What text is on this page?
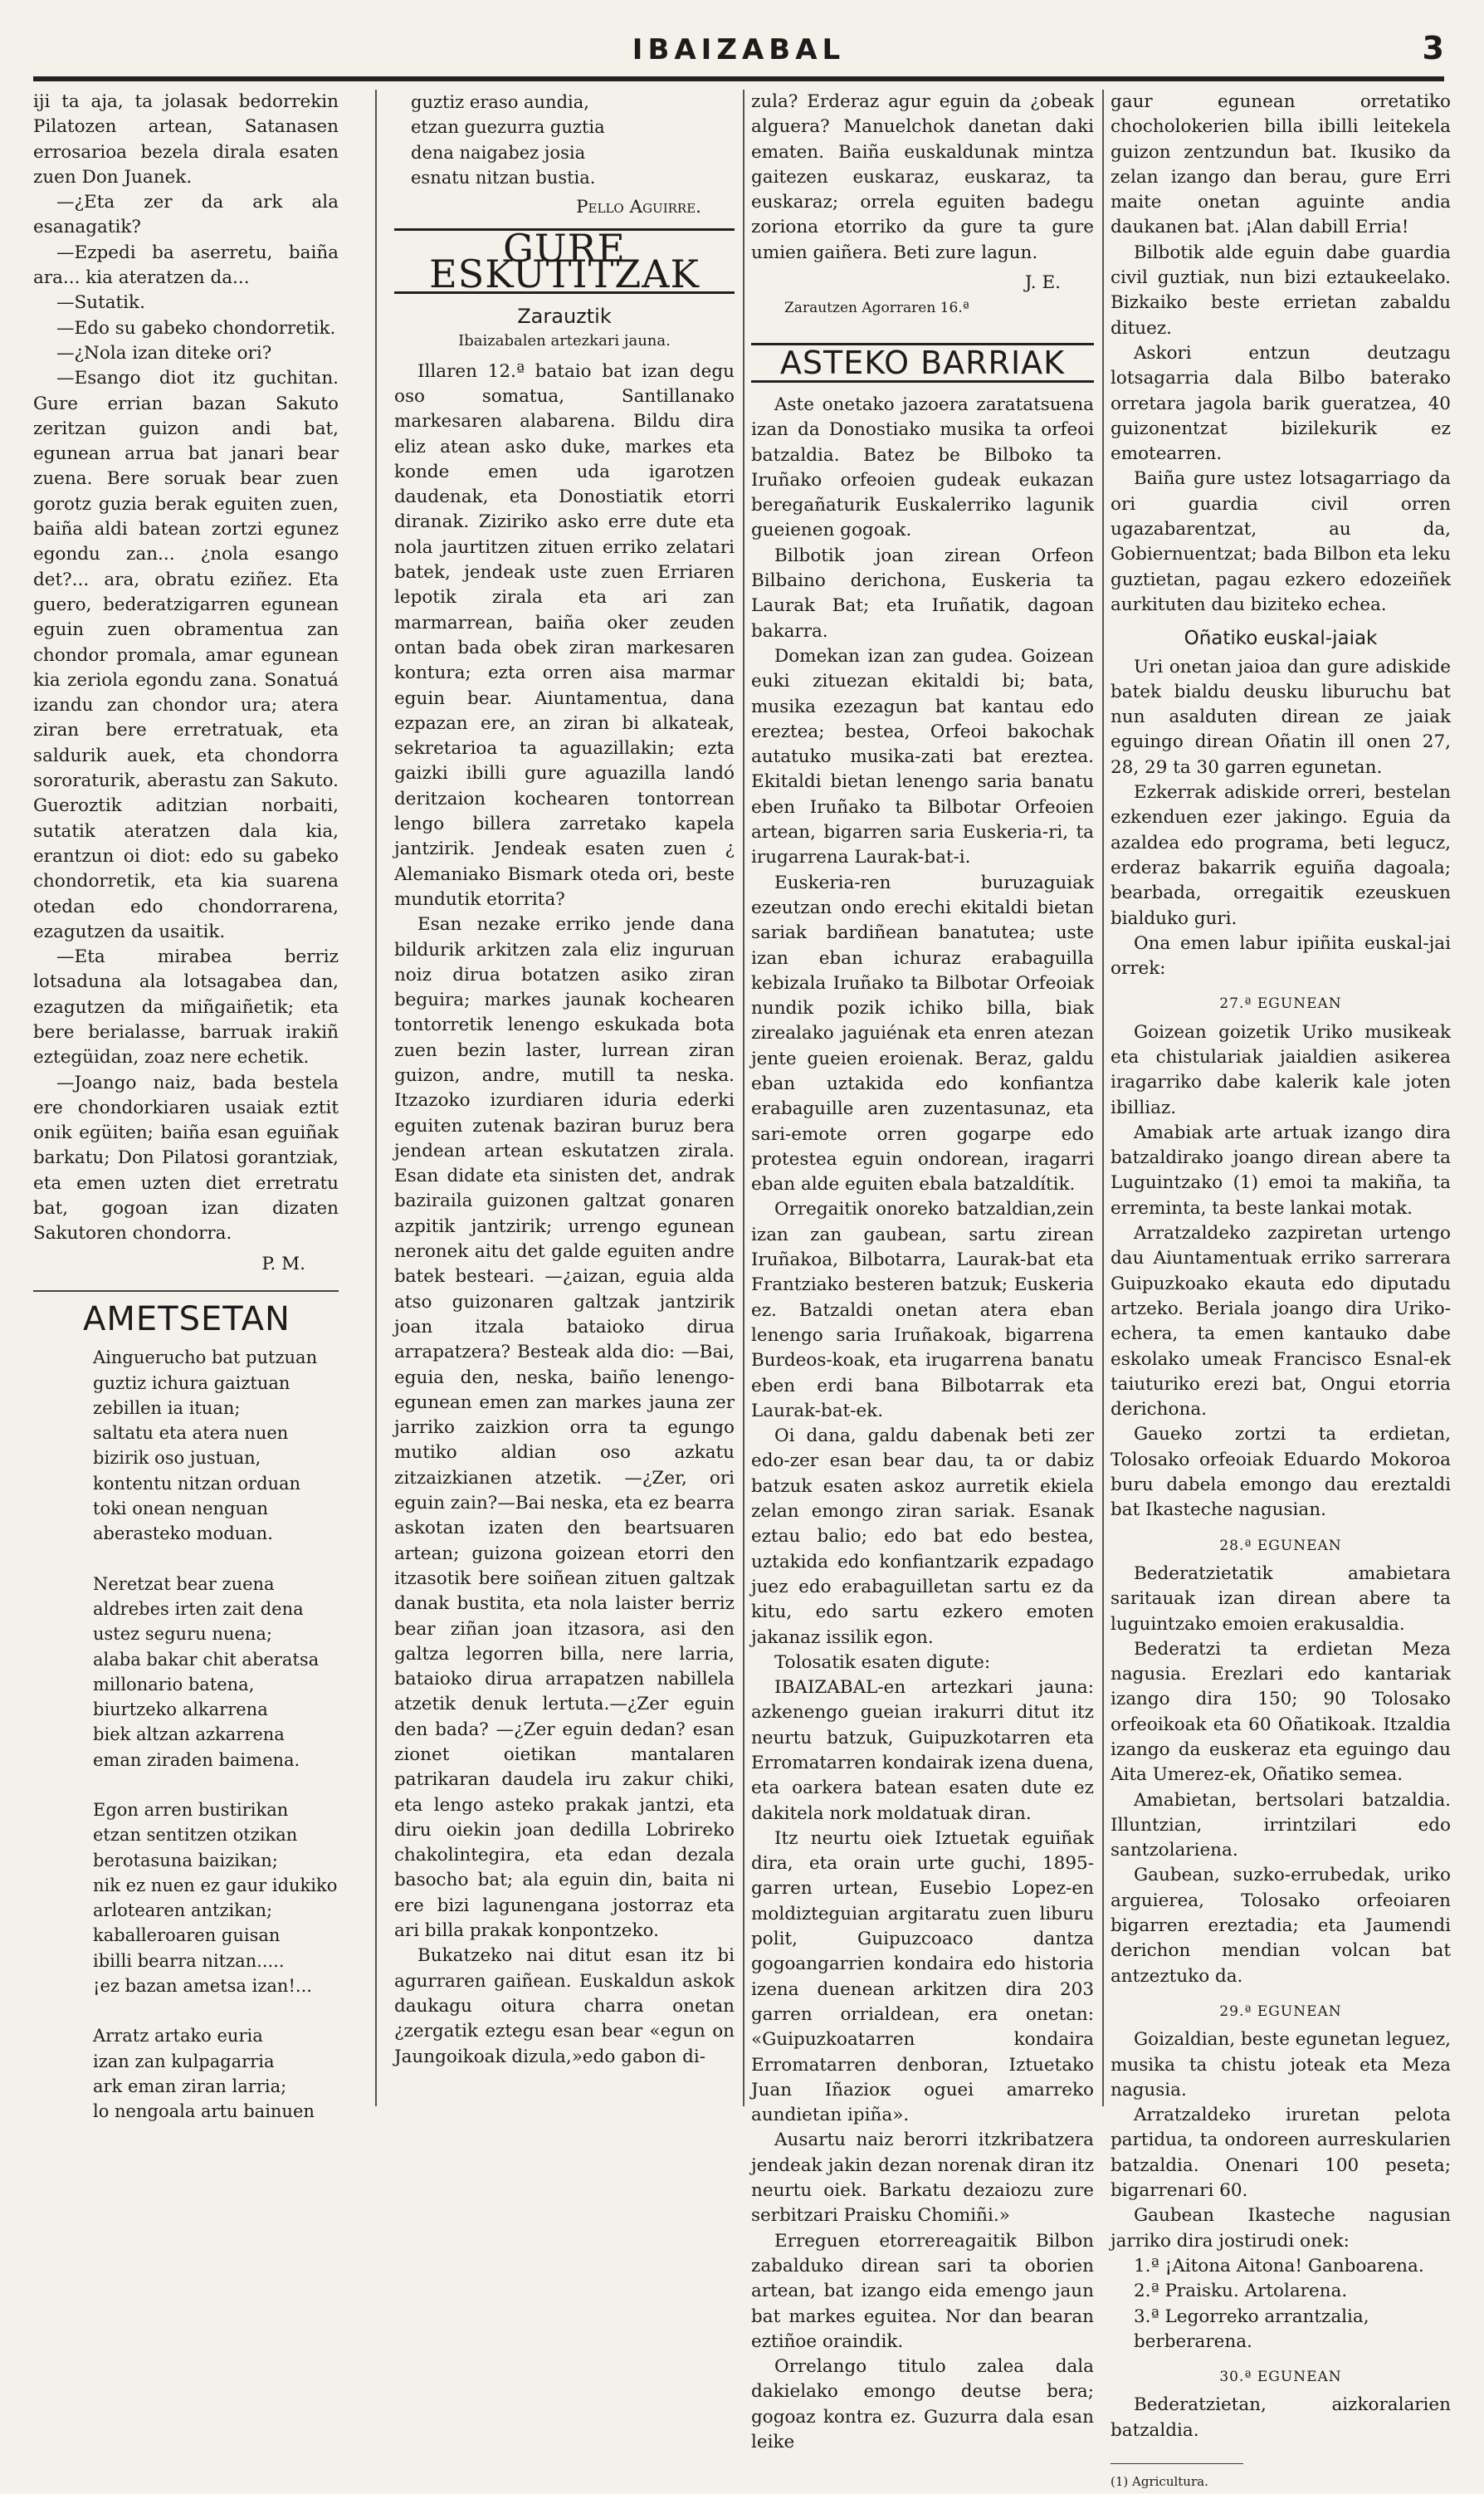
IBAIZABAL	3

iji ta aja, ta jolasak bedorrekin Pilatozen artean, Satanasen errosarioa bezela dirala esaten zuen Don Juanek.

—¿Eta zer da ark ala esanagatik?

—Ezpedi ba aserretu, baiña ara... kia ateratzen da...

—Sutatik.

—Edo su gabeko chondorretik.

—¿Nola izan diteke ori?

—Esango diot itz guchitan. Gure errian bazan Sakuto zeritzan guizon andi bat, egunean arrua bat janari bear zuena. Bere soruak bear zuen gorotz guzia berak eguiten zuen, baiña aldi batean zortzi egunez egondu zan... ¿nola esango det?... ara, obratu eziñez. Eta guero, bederatzigarren egunean eguin zuen obramentua zan chondor promala, amar egunean kia zeriola egondu zana. Sonatuá izandu zan chondor ura; atera ziran bere erretratuak, eta saldurik auek, eta chondorra sororaturik, aberastu zan Sakuto. Gueroztik aditzian norbaiti, sutatik ateratzen dala kia, erantzun oi diot: edo su gabeko chondorretik, eta kia suarena otedan edo chondorrarena, ezagutzen da usaitik.

—Eta mirabea berriz lotsaduna ala lotsagabea dan, ezagutzen da miñgaiñetik; eta bere berialasse, barruak irakiñ eztegüidan, zoaz nere echetik.

—Joango naiz, bada bestela ere chondorkiaren usaiak eztit onik egüiten; baiña esan eguiñak barkatu; Don Pilatosi gorantziak, eta emen uzten diet erretratu bat, gogoan izan dizaten Sakutoren chondorra.

P. M.
AMETSETAN
Ainguerucho bat putzuan
guztiz ichura gaiztuan
zebillen ia ituan;
saltatu eta atera nuen
bizirik oso justuan,
kontentu nitzan orduan
toki onean nenguan
aberasteko moduan.
Neretzat bear zuena
aldrebes irten zait dena
ustez seguru nuena;
alaba bakar chit aberatsa
millonario batena,
biurtzeko alkarrena
biek altzan azkarrena
eman ziraden baimena.
Egon arren bustirikan
etzan sentitzen otzikan
berotasuna baizikan;
nik ez nuen ez gaur idukiko
arlotearen antzikan;
kaballeroaren guisan
ibilli bearra nitzan.....
¡ez bazan ametsa izan!...
Arratz artako euria
izan zan kulpagarria
ark eman ziran larria;
lo nengoala artu bainuen
guztiz eraso aundia,
etzan guezurra guztia
dena naigabez josia
esnatu nitzan bustia.
Pello Aguirre.
GURE ESKUTITZAK
Zarauztik
Ibaizabalen artezkari jauna.

Illaren 12.ª bataio bat izan degu oso somatua, Santillanako markesaren alabarena. Bildu dira eliz atean asko duke, markes eta konde emen uda igarotzen daudenak, eta Donostiatik etorri diranak. Ziziriko asko erre dute eta nola jaurtitzen zituen erriko zelatari batek, jendeak uste zuen Erriaren lepotik zirala eta ari zan marmarrean, baiña oker zeuden ontan bada obek ziran markesaren kontura; ezta orren aisa marmar eguin bear. Aiuntamentua, dana ezpazan ere, an ziran bi alkateak, sekretarioa ta aguazillakin; ezta gaizki ibilli gure aguazilla landó deritzaion kochearen tontorrean lengo billera zarretako kapela jantzirik. Jendeak esaten zuen ¿ Alemaniako Bismark oteda ori, beste mundutik etorrita?

Esan nezake erriko jende dana bildurik arkitzen zala eliz inguruan noiz dirua botatzen asiko ziran beguira; markes jaunak kochearen tontorretik lenengo eskukada bota zuen bezin laster, lurrean ziran guizon, andre, mutill ta neska. Itzazoko izurdiaren iduria ederki eguiten zutenak baziran buruz bera jendean artean eskutatzen zirala. Esan didate eta sinisten det, andrak baziraila guizonen galtzat gonaren azpitik jantzirik; urrengo egunean neronek aitu det galde eguiten andre batek besteari. —¿aizan, eguia alda atso guizonaren galtzak jantzirik joan itzala bataioko dirua arrapatzera? Besteak alda dio: —Bai, eguia den, neska, baiño lenengo-egunean emen zan markes jauna zer jarriko zaizkion orra ta egungo mutiko aldian oso azkatu zitzaizkianen atzetik. —¿Zer, ori eguin zain?—Bai neska, eta ez bearra askotan izaten den beartsuaren artean; guizona goizean etorri den itzasotik bere soiñean zituen galtzak danak bustita, eta nola laister berriz bear ziñan joan itzasora, asi den galtza legorren billa, nere larria, bataioko dirua arrapatzen nabillela atzetik denuk lertuta.—¿Zer eguin den bada? —¿Zer eguin dedan? esan zionet oietikan mantalaren patrikaran daudela iru zakur chiki, eta lengo asteko prakak jantzi, eta diru oiekin joan dedilla Lobrireko chakolintegira, eta edan dezala basocho bat; ala eguin din, baita ni ere bizi lagunengana jostorraz eta ari billa prakak konpontzeko.

Bukatzeko nai ditut esan itz bi agurraren gaiñean. Euskaldun askok daukagu oitura charra onetan ¿zergatik eztegu esan bear «egun on Jaungoikoak dizula,»edo gabon di-

zula? Erderaz agur eguin da ¿obeak alguera? Manuelchok danetan daki ematen. Baiña euskaldunak mintza gaitezen euskaraz, euskaraz, ta euskaraz; orrela eguiten badegu zoriona etorriko da gure ta gure umien gaiñera. Beti zure lagun.

J. E.
Zarautzen Agorraren 16.ª
ASTEKO BARRIAK

Aste onetako jazoera zaratatsuena izan da Donostiako musika ta orfeoi batzaldia. Batez be Bilboko ta Iruñako orfeoien gudeak eukazan beregañaturik Euskalerriko lagunik gueienen gogoak.

Bilbotik joan zirean Orfeon Bilbaino derichona, Euskeria ta Laurak Bat; eta Iruñatik, dagoan bakarra.

Domekan izan zan gudea. Goizean euki zituezan ekitaldi bi; bata, musika ezezagun bat kantau edo ereztea; bestea, Orfeoi bakochak autatuko musika-zati bat ereztea. Ekitaldi bietan lenengo saria banatu eben Iruñako ta Bilbotar Orfeoien artean, bigarren saria Euskeria-ri, ta irugarrena Laurak-bat-i.

Euskeria-ren buruzaguiak ezeutzan ondo erechi ekitaldi bietan sariak bardiñean banatutea; uste izan eban ichuraz erabaguilla kebizala Iruñako ta Bilbotar Orfeoiak nundik pozik ichiko billa, biak zirealako jaguiénak eta enren atezan jente gueien eroienak. Beraz, galdu eban uztakida edo konfiantza erabaguille aren zuzentasunaz, eta sari-emote orren gogarpe edo protestea eguin ondorean, iragarri eban alde eguiten ebala batzaldítik.

Orregaitik onoreko batzaldian,zein izan zan gaubean, sartu zirean Iruñakoa, Bilbotarra, Laurak-bat eta Frantziako besteren batzuk; Euskeria ez. Batzaldi onetan atera eban lenengo saria Iruñakoak, bigarrena Burdeos-koak, eta irugarrena banatu eben erdi bana Bilbotarrak eta Laurak-bat-ek.

Oi dana, galdu dabenak beti zer edo-zer esan bear dau, ta or dabiz batzuk esaten askoz aurretik ekiela zelan emongo ziran sariak. Esanak eztau balio; edo bat edo bestea, uztakida edo konfiantzarik ezpadago juez edo erabaguilletan sartu ez da kitu, edo sartu ezkero emoten jakanaz issilik egon.

Tolosatik esaten digute:

IBAIZABAL-en artezkari jauna: azkenengo gueian irakurri ditut itz neurtu batzuk, Guipuzkotarren eta Erromatarren kondairak izena duena, eta oarkera batean esaten dute ez dakitela nork moldatuak diran.

Itz neurtu oiek Iztuetak eguiñak dira, eta orain urte guchi, 1895-garren urtean, Eusebio Lopez-en moldizteguian argitaratu zuen liburu polit, Guipuzcoaco dantza gogoangarrien kondaira edo historia izena duenean arkitzen dira 203 garren orrialdean, era onetan: «Guipuzkoatarren kondaira Erromatarren denboran, Iztuetako Juan Iñazioк oguei amarreko aundietan ipiña».

Ausartu naiz berorri itzkribatzera jendeak jakin dezan norenak diran itz neurtu oiek. Barkatu dezaiozu zure serbitzari Praisku Chomiñi.»

Erreguen etorrereagaitik Bilbon zabalduko direan sari ta oborien artean, bat izango eida emengo jaun bat markes eguitea. Nor dan bearan eztiñoe oraindik.

Orrelango titulo zalea dala dakielako emongo deutse bera; gogoaz kontra ez. Guzurra dala esan leike

gaur egunean orretatiko chocholokerien billa ibilli leitekela guizon zentzundun bat. Ikusiko da zelan izango dan berau, gure Erri maite onetan aguinte andia daukanen bat. ¡Alan dabill Erria!

Bilbotik alde eguin dabe guardia civil guztiak, nun bizi eztaukeelako. Bizkaiko beste errietan zabaldu dituez.

Askori entzun deutzagu lotsagarria dala Bilbo baterako orretara jagola barik gueratzea, 40 guizonentzat bizilekurik ez emotearren.

Baiña gure ustez lotsagarriago da ori guardia civil orren ugazabarentzat, au da, Gobiernuentzat; bada Bilbon eta leku guztietan, pagau ezkero edozeiñek aurkituten dau biziteko echea.

Oñatiko euskal-jaiak

Uri onetan jaioa dan gure adiskide batek bialdu deusku liburuchu bat nun asalduten direan ze jaiak eguingo direan Oñatin ill onen 27, 28, 29 ta 30 garren egunetan.

Ezkerrak adiskide orreri, bestelan ezkenduen ezer jakingo. Eguia da azaldea edo programa, beti legucz, erderaz bakarrik eguiña dagoala; bearbada, orregaitik ezeuskuen bialduko guri.

Ona emen labur ipiñita euskal-jai orrek:

27.ª EGUNEAN

Goizean goizetik Uriko musikeak eta chistulariak jaialdien asikerea iragarriko dabe kalerik kale joten ibilliaz.

Amabiak arte artuak izango dira batzaldirako joango direan abere ta Luguintzako (1) emoi ta makiña, ta erreminta, ta beste lankai motak.

Arratzaldeko zazpiretan urtengo dau Aiuntamentuak erriko sarrerara Guipuzkoako ekauta edo diputadu artzeko. Beriala joango dira Uriko-echera, ta emen kantauko dabe eskolako umeak Francisco Esnal-ek taiuturiko erezi bat, Ongui etorria derichona.

Gaueko zortzi ta erdietan, Tolosako orfeoiak Eduardo Mokoroa buru dabela emongo dau ereztaldi bat Ikasteche nagusian.

28.ª EGUNEAN

Bederatzietatik amabietara saritauak izan direan abere ta luguintzako emoien erakusaldia.

Bederatzi ta erdietan Meza nagusia. Erezlari edo kantariak izango dira 150; 90 Tolosako orfeoikoak eta 60 Oñatikoak. Itzaldia izango da euskeraz eta eguingo dau Aita Umerez-ek, Oñatiko semea.

Amabietan, bertsolari batzaldia. Illuntzian, irrintzilari edo santzolariena.

Gaubean, suzko-errubedak, uriko arguierea, Tolosako orfeoiaren bigarren ereztadia; eta Jaumendi derichon mendian volcan bat antzeztuko da.

29.ª EGUNEAN

Goizaldian, beste egunetan leguez, musika ta chistu joteak eta Meza nagusia.

Arratzaldeko iruretan pelota partidua, ta ondoreen aurreskularien batzaldia. Onenari 100 peseta; bigarrenari 60.

Gaubean Ikasteche nagusian jarriko dira jostirudi onek:

1.ª ¡Aitona Aitona! Ganboarena.
2.ª Praisku. Artolarena.
3.ª Legorreko arrantzalia, berberarena.
30.ª EGUNEAN

Bederatzietan, aizkoralarien batzaldia.

(1) Agricultura.
